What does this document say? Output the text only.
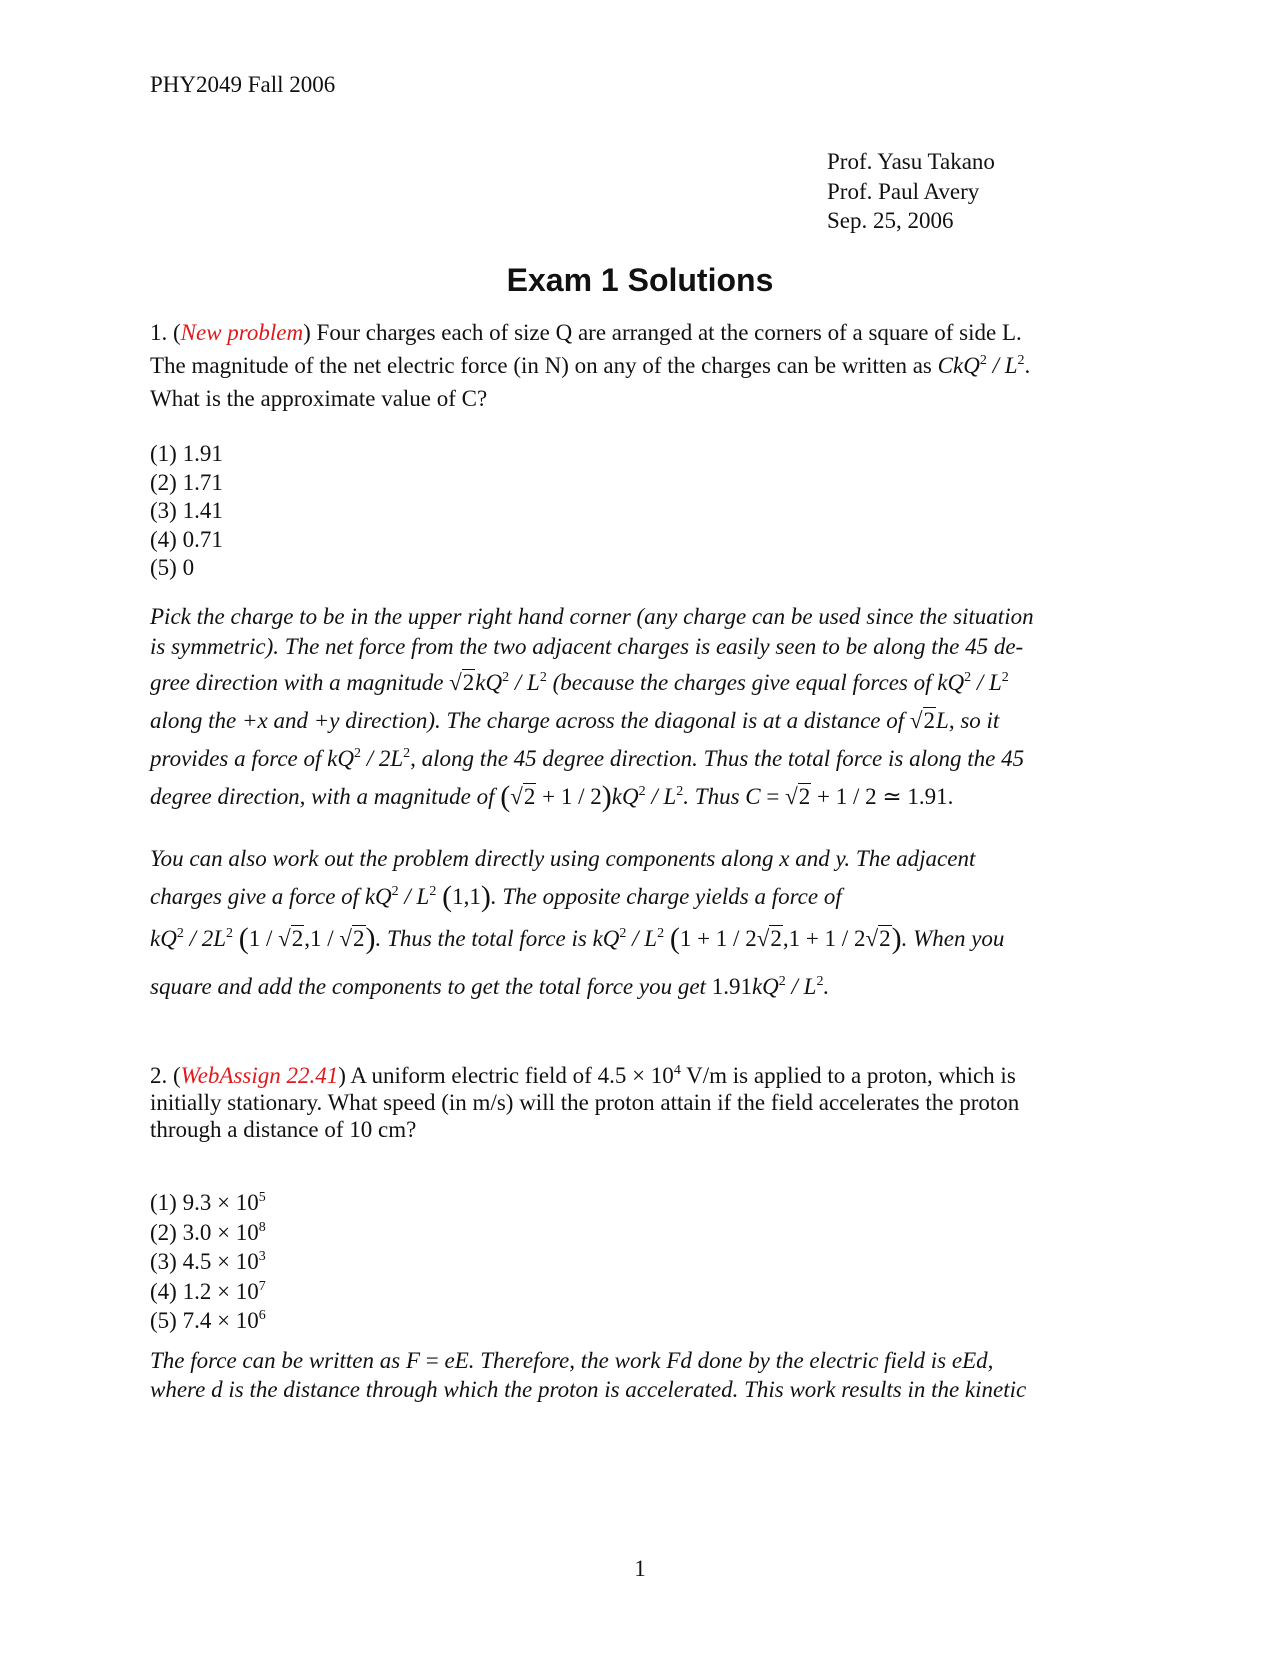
PHY2049 Fall 2006
Prof. Yasu Takano
Prof. Paul Avery
Sep. 25, 2006
Exam 1 Solutions
1. (New problem) Four charges each of size Q are arranged at the corners of a square of side L.
The magnitude of the net electric force (in N) on any of the charges can be written as $CkQ^2 / L^2$.
What is the approximate value of C?
(1) 1.91
(2) 1.71
(3) 1.41
(4) 0.71
(5) 0
Pick the charge to be in the upper right hand corner (any charge can be used since the situation
is symmetric). The net force from the two adjacent charges is easily seen to be along the 45 de-
gree direction with a magnitude $√2kQ^2 / L^2$ (because the charges give equal forces of $kQ^2 / L^2$
along the +x and +y direction). The charge across the diagonal is at a distance of √2L, so it
provides a force of $kQ^2 / 2L^2$, along the 45 degree direction. Thus the total force is along the 45
degree direction, with a magnitude of $(√2 + 1 / 2)kQ^2 / L^2$. Thus C = √2 + 1 / 2 ≃ 1.91.
You can also work out the problem directly using components along x and y. The adjacent
charges give a force of $kQ^2 / L^2$ (1,1). The opposite charge yields a force of
$kQ^2 / 2L^2$ (1 / √2,1 / √2). Thus the total force is $kQ^2 / L^2$ (1 + 1 / 2√2,1 + 1 / 2√2). When you
square and add the components to get the total force you get $1.91kQ^2 / L^2$.
2. (WebAssign 22.41) A uniform electric field of $4.5 \times 10^4$ V/m is applied to a proton, which is
initially stationary. What speed (in m/s) will the proton attain if the field accelerates the proton
through a distance of 10 cm?
(1) $9.3 \times 10^5$
(2) $3.0 \times 10^8$
(3) $4.5 \times 10^3$
(4) $1.2 \times 10^7$
(5) $7.4 \times 10^6$
The force can be written as F = eE. Therefore, the work Fd done by the electric field is eEd,
where d is the distance through which the proton is accelerated. This work results in the kinetic
1
